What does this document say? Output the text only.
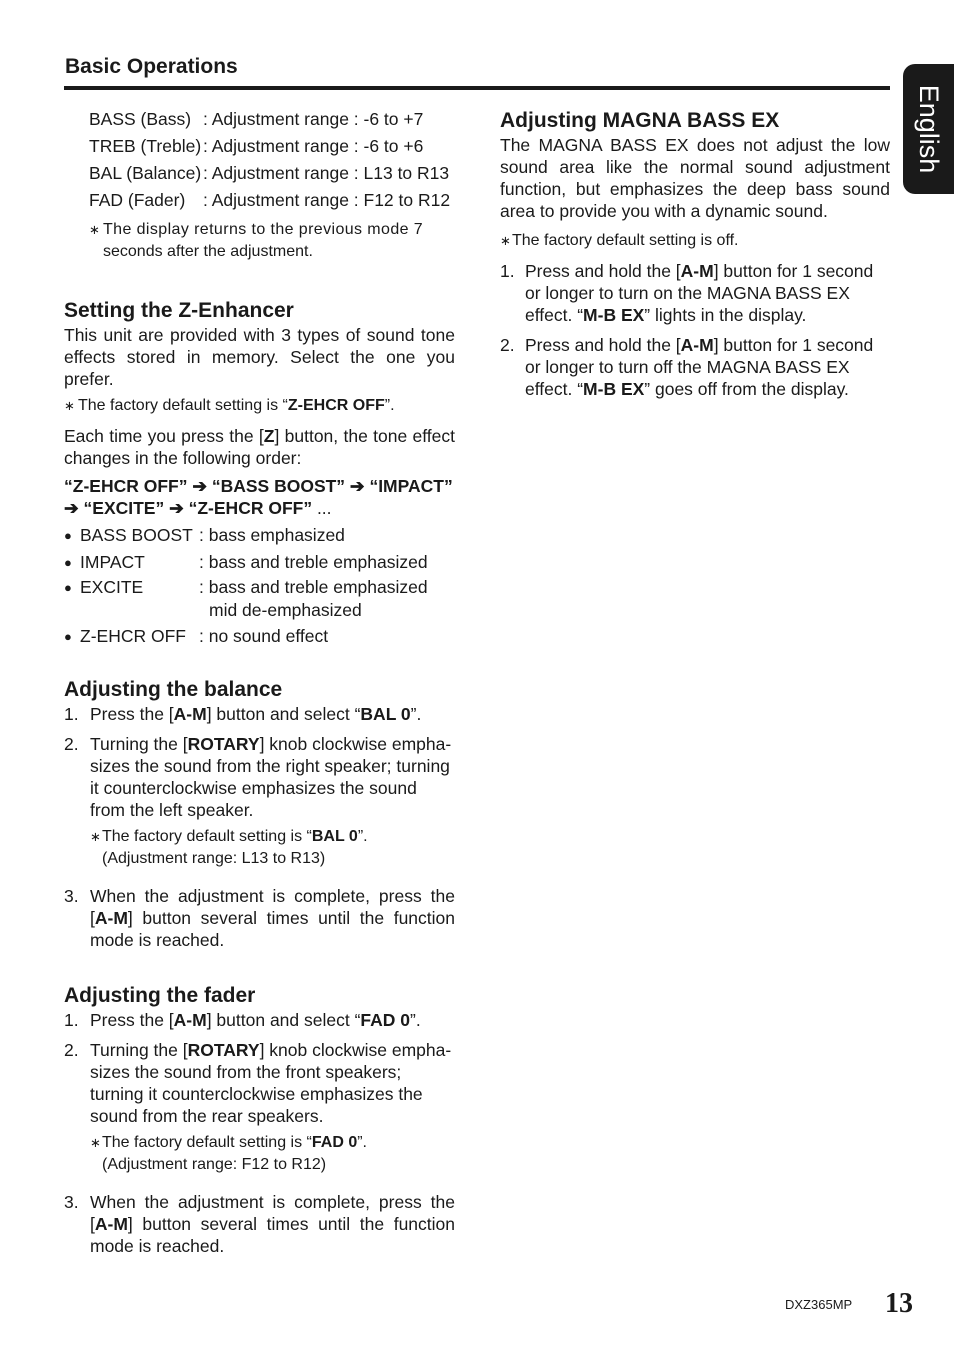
Basic Operations
English
BASS (Bass) : Adjustment range : -6 to +7
TREB (Treble) : Adjustment range : -6 to +6
BAL (Balance) : Adjustment range : L13 to R13
FAD (Fader)	: Adjustment range : F12 to R12
∗ The display returns to the previous mode 7
seconds after the adjustment.
Setting the Z-Enhancer

This unit are provided with 3 types of sound tone effects stored in memory. Select the one you prefer.

∗ The factory default setting is “Z-EHCR OFF”.

Each time you press the [Z] button, the tone effect changes in the following order:

“Z-EHCR OFF” ➔ “BASS BOOST” ➔ “IMPACT”
➔ “EXCITE” ➔ “Z-EHCR OFF” ...
● BASS BOOST : bass emphasized
● IMPACT	: bass and treble emphasized
● EXCITE	: bass and treble emphasized
mid de-emphasized
● Z-EHCR OFF : no sound effect
Adjusting the balance
1. Press the [A-M] button and select “BAL 0”.
2. Turning the [ROTARY] knob clockwise empha-sizes the sound from the right speaker; turning it counterclockwise emphasizes the sound from the left speaker.
∗ The factory default setting is “BAL 0”.
(Adjustment range: L13 to R13)
3. When the adjustment is complete, press the [A-M] button several times until the function mode is reached.
Adjusting the fader
1. Press the [A-M] button and select “FAD 0”.
2. Turning the [ROTARY] knob clockwise empha-sizes the sound from the front speakers; turning it counterclockwise emphasizes the sound from the rear speakers.
∗ The factory default setting is “FAD 0”.
(Adjustment range: F12 to R12)
3. When the adjustment is complete, press the [A-M] button several times until the function mode is reached.
Adjusting MAGNA BASS EX

The MAGNA BASS EX does not adjust the low sound area like the normal sound adjustment function, but emphasizes the deep bass sound area to provide you with a dynamic sound.

∗ The factory default setting is off.
1. Press and hold the [A-M] button for 1 second or longer to turn on the MAGNA BASS EX effect. “M-B EX” lights in the display.
2. Press and hold the [A-M] button for 1 second or longer to turn off the MAGNA BASS EX effect. “M-B EX” goes off from the display.
DXZ365MP 13
